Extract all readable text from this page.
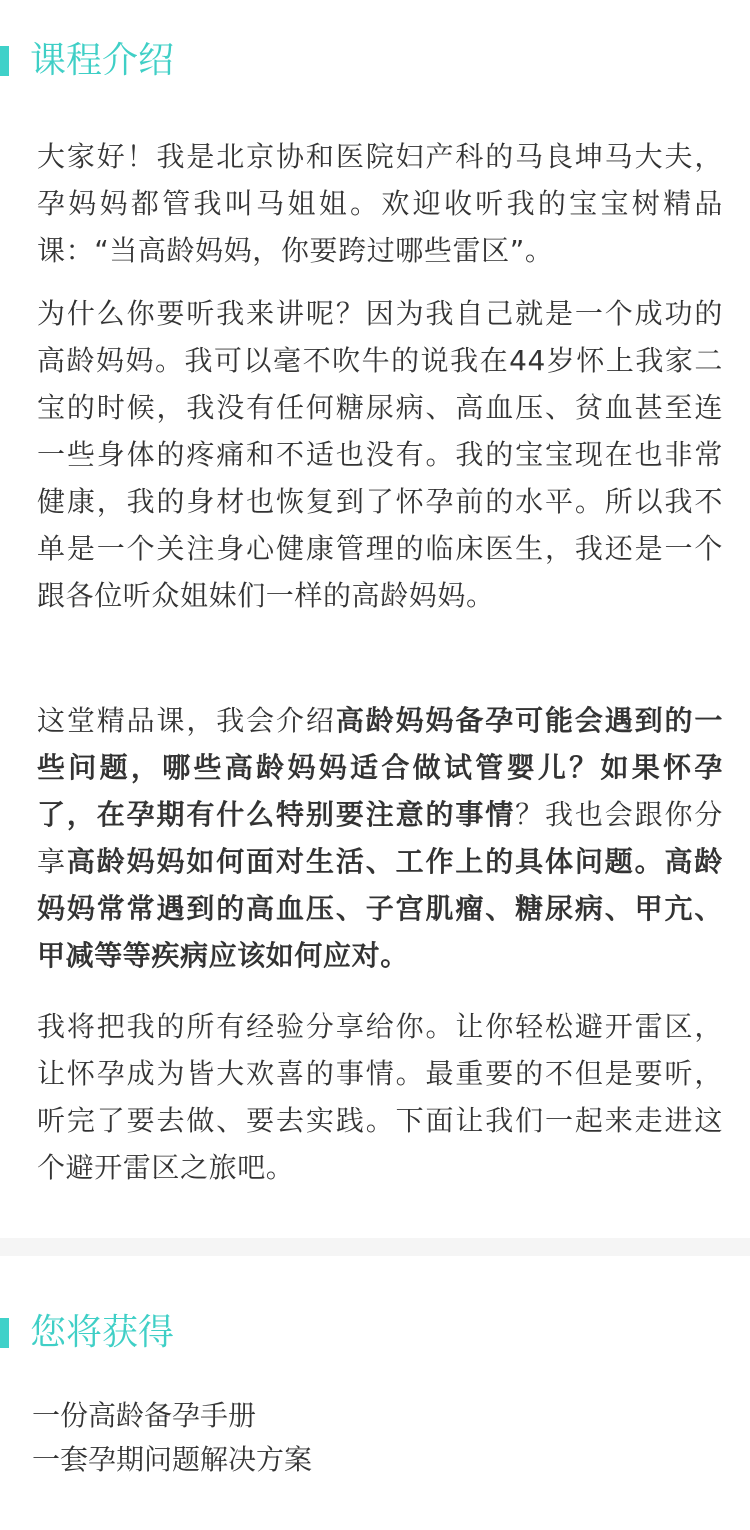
课程介绍

大家好！我是北京协和医院妇产科的马良坤马大夫，孕妈妈都管我叫马姐姐。欢迎收听我的宝宝树精品课：“当高龄妈妈，你要跨过哪些雷区”。

为什么你要听我来讲呢？因为我自己就是一个成功的高龄妈妈。我可以毫不吹牛的说我在44岁怀上我家二宝的时候，我没有任何糖尿病、高血压、贫血甚至连一些身体的疼痛和不适也没有。我的宝宝现在也非常健康，我的身材也恢复到了怀孕前的水平。所以我不单是一个关注身心健康管理的临床医生，我还是一个跟各位听众姐妹们一样的高龄妈妈。

这堂精品课，我会介绍高龄妈妈备孕可能会遇到的一些问题，哪些高龄妈妈适合做试管婴儿？如果怀孕了，在孕期有什么特别要注意的事情？我也会跟你分享高龄妈妈如何面对生活、工作上的具体问题。高龄妈妈常常遇到的高血压、子宫肌瘤、糖尿病、甲亢、甲减等等疾病应该如何应对。

我将把我的所有经验分享给你。让你轻松避开雷区，让怀孕成为皆大欢喜的事情。最重要的不但是要听，听完了要去做、要去实践。下面让我们一起来走进这个避开雷区之旅吧。

您将获得
一份高龄备孕手册
一套孕期问题解决方案
